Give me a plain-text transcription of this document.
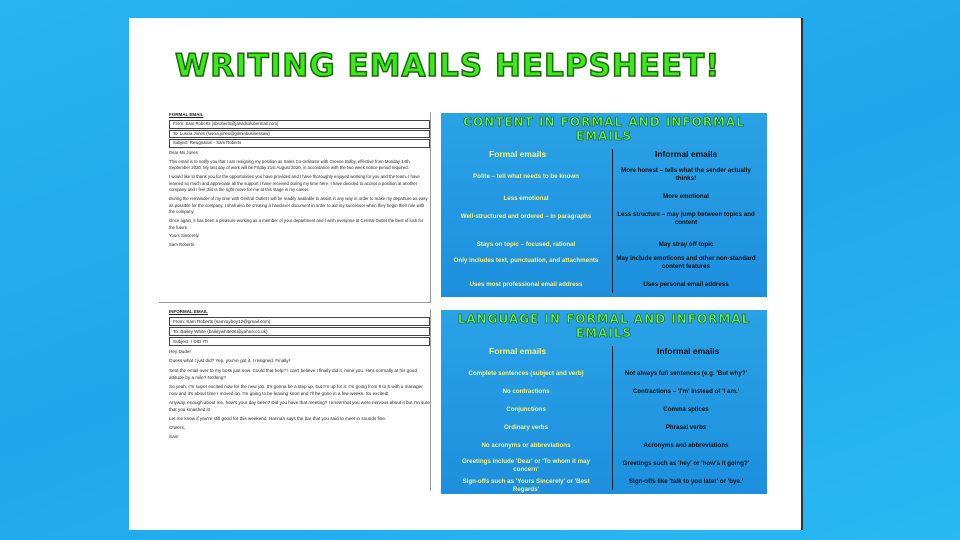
WRITING EMAILS HELPSHEET!
FORMAL EMAIL
From: Sam Roberts (sbroberts@jarvidsolubermail.com)
To: Luscia Jones (luscia.jones@gitminbusinessaw)
Subject: Resignation - Sam Roberts
Dear Ms Jones
This email is to notify you that I am resigning my position as Sales Co-ordinator with Greene Bolby, effective from Monday 14th September 2020. My last day of work will be Friday 21st August 2020, in accordance with the two week notice period required.
I would like to thank you for the opportunities you have provided and I have thoroughly enjoyed working for you and the team. I have learned so much and appreciate all the support I have received during my time here. I have decided to accept a position at another company and I feel this is the right move for me at this stage in my career.
During the remainder of my time with Central Outlet I will be readily available to assist in any way in order to make my departure as easy as possible for the company. I shall also be creating a handover document in order to aid my successor when they begin their role with the company.
Once again, it has been a pleasure working as a member of your department and I wish everyone at Central Outlet the best of luck for the future.
Yours Sincerely
Sam Roberts
INFORMAL EMAIL
From: Sam Roberts (sammyboy12@gmail.com)
To: Bailey White (baileywhite06@yahoo.co.uk)
Subject: I DID IT!
Hey Dude!
Guess what I just did? Yep, you've got it, I resigned. Finally!
Sent the email over to my boss just now. Could that help? I can't believe I finally did it, mine you. He's normally at his good attitude by a mile? Nothing?
So yeah, I'm super excited now for the new job. It's gonna be a step up, but I'm up for it. I'm going from 9 to 5 with a manager now and it's about time I moved on. I'm going to be leaving soon and I'll be gone in a few weeks. So excited!
Anyway, enough about me, how's your day been? Did you have that meeting? I know that you were nervous about it but I'm sure that you smashed it!
Let me know if you're still good for this weekend. Hannah says the bar that you said to meet in sounds fine.
Cheers,
Sam
CONTENT IN FORMAL AND INFORMAL EMAILS
Formal emails	Informal emails
Polite – tell what needs to be known
Less emotional
Well-structured and ordered – in paragraphs
Stays on topic – focused, rational
Only includes text, punctuation, and attachments
Uses most professional email address
More honest – tells what the sender actually thinks!
More emotional
Less structure – may jump between topics and content
May stray off topic
May include emoticons and other non-standard content features
Uses personal email address
LANGUAGE IN FORMAL AND INFORMAL EMAILS
Formal emails	Informal emails
Complete sentences (subject and verb)
No contractions
Conjunctions
Ordinary verbs
No acronyms or abbreviations
Greetings include 'Dear' or 'To whom it may concern'
Sign-offs such as 'Yours Sincerely' or 'Best Regards'
Not always full sentences (e.g. 'But why?'
Contractions – 'I'm' instead of 'I am.'
Comma splices
Phrasal verbs
Acronyms and abbreviations
Greetings such as 'hey' or 'how's it going?'
Sign-offs like 'talk to you later' or 'bye.'
